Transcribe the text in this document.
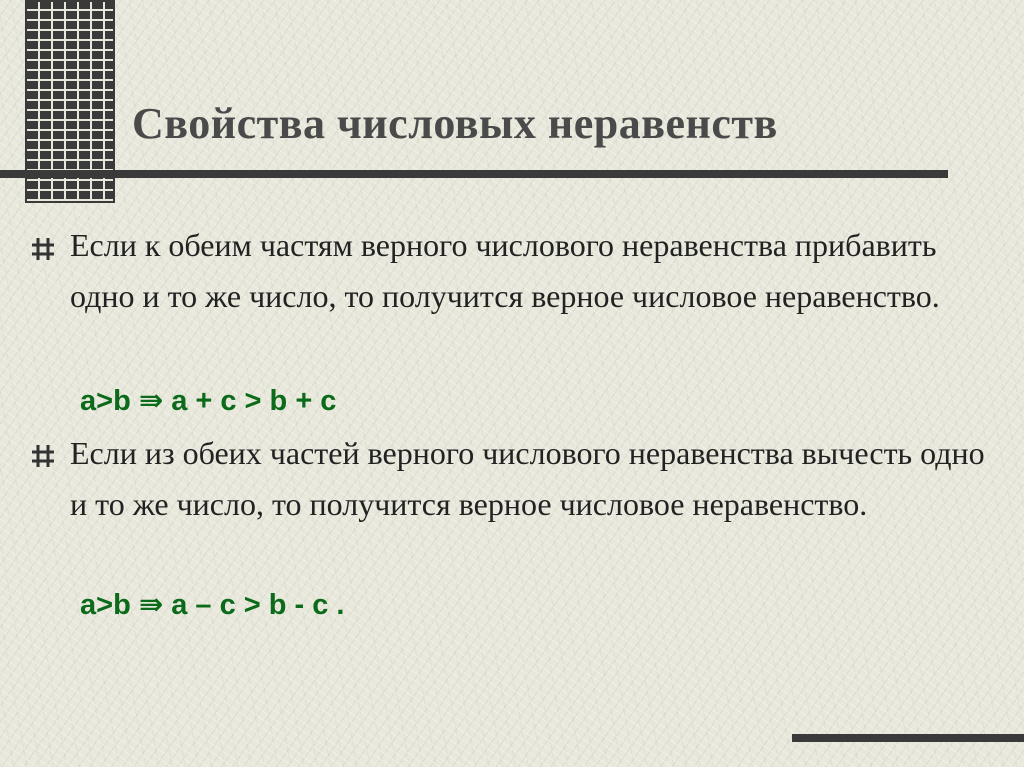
Свойства числовых неравенств

Если к обеим частям верного числового неравенства прибавить одно и то же число, то получится верное числовое неравенство.

a>b ⇛ a + c > b + c

Если из обеих частей верного числового неравенства вычесть одно и то же число, то получится верное числовое неравенство.

a>b ⇛ a – c > b - c .
